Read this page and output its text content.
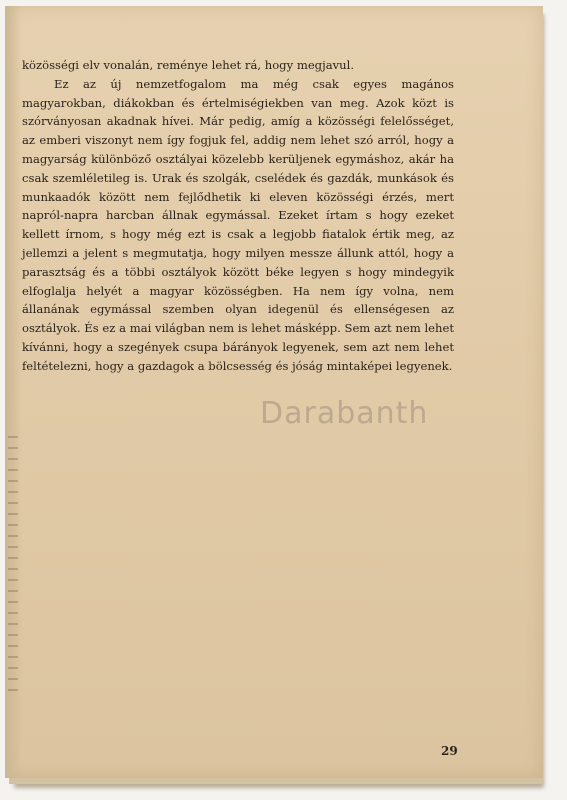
közösségi elv vonalán, reménye lehet rá, hogy megjavul.

Ez az új nemzetfogalom ma még csak egyes magános magyarokban, diákokban és értelmiségiekben van meg. Azok közt is szórványosan akadnak hívei. Már pedig, amíg a közösségi felelősséget, az emberi viszonyt nem így fogjuk fel, addig nem lehet szó arról, hogy a magyarság különböző osztályai közelebb kerüljenek egymáshoz, akár ha csak szemléletileg is. Urak és szolgák, cselédek és gazdák, munkások és munkaadók között nem fejlődhetik ki eleven közösségi érzés, mert napról-napra harcban állnak egymással. Ezeket írtam s hogy ezeket kellett írnom, s hogy még ezt is csak a legjobb fiatalok értik meg, az jellemzi a jelent s megmutatja, hogy milyen messze állunk attól, hogy a parasztság és a többi osztályok között béke legyen s hogy mindegyik elfoglalja helyét a magyar közösségben. Ha nem így volna, nem állanának egymással szemben olyan idegenül és ellenségesen az osztályok. És ez a mai világban nem is lehet másképp. Sem azt nem lehet kívánni, hogy a szegények csupa bárányok legyenek, sem azt nem lehet feltételezni, hogy a gazdagok a bölcsesség és jóság mintaképei legyenek.

Darabanth
29
